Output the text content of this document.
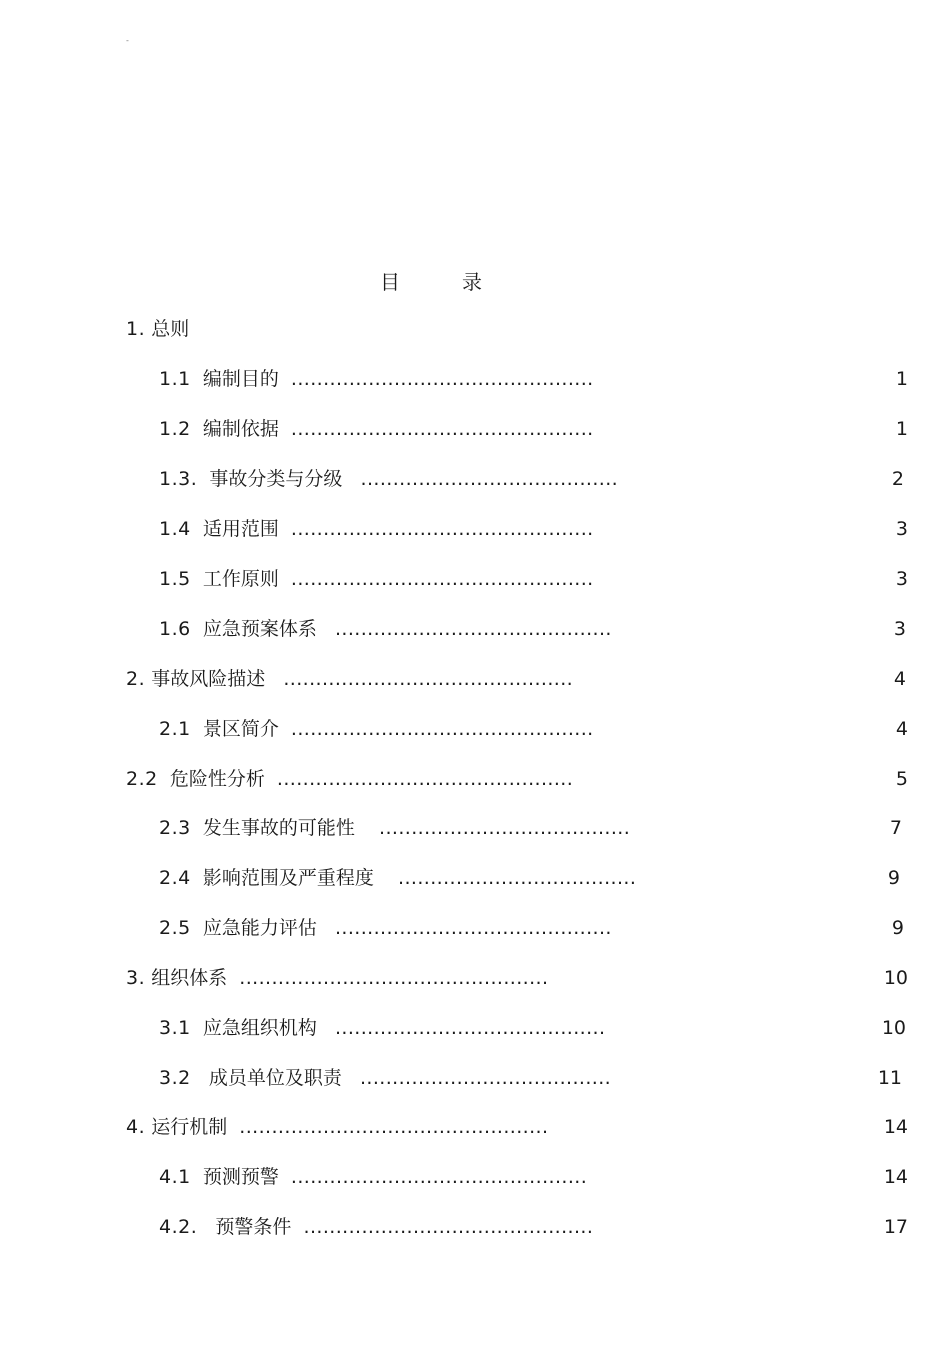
-
目	录
1. 总则
1.1 编制目的 ...............................................	1
1.2 编制依据 ...............................................	1
1.3. 事故分类与分级 ........................................	2
1.4 适用范围 ...............................................	3
1.5 工作原则 ...............................................	3
1.6 应急预案体系 ...........................................	3
2. 事故风险描述 .............................................	4
2.1 景区简介 ...............................................	4
2.2 危险性分析 ..............................................	5
2.3 发生事故的可能性 .......................................	7
2.4 影响范围及严重程度 .....................................	9
2.5 应急能力评估 ...........................................	9
3. 组织体系 ................................................	10
3.1 应急组织机构 ..........................................	10
3.2 成员单位及职责 .......................................	11
4. 运行机制 ................................................	14
4.1 预测预警 ..............................................	14
4.2. 预警条件 .............................................	17
